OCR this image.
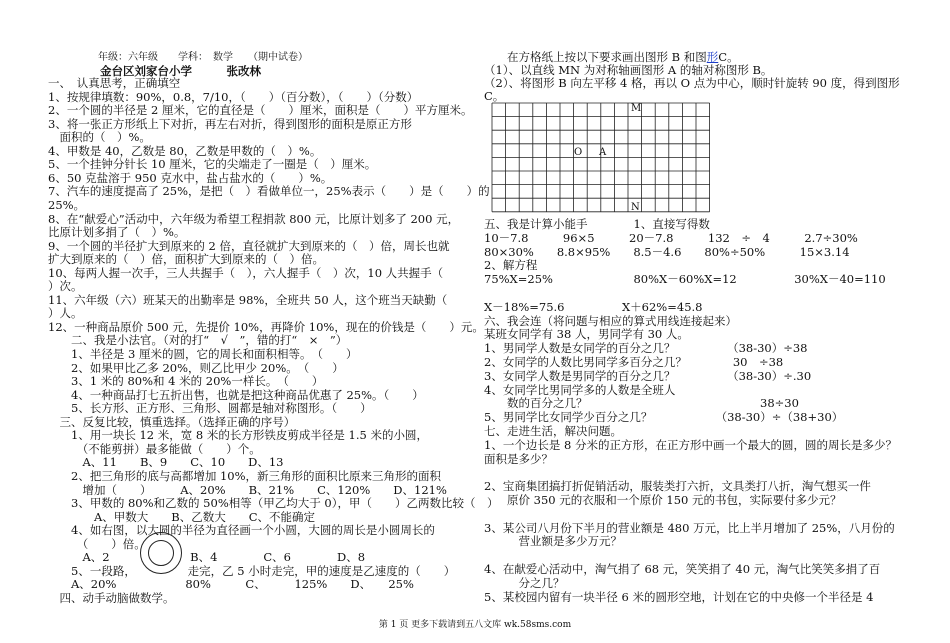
年级：六年级　　学科：　数学　　（期中试卷）
金台区刘家台小学　　　张改林
一、　认真思考，正确填空
1、按规律填数：90%，0.8，7/10，（　　）（百分数），（　　）（分数）
2、一个圆的半径是 2 厘米，它的直径是（　　）厘米，面积是（　　）平方厘米。
3、将一张正方形纸上下对折，再左右对折，得到图形的面积是原正方形
　面积的（　）%。
4、甲数是 40，乙数是 80，乙数是甲数的（　）%。
5、一个挂钟分针长 10 厘米，它的尖端走了一圈是（　）厘米。
6、50 克盐溶于 950 克水中，盐占盐水的（　　）%。
7、汽车的速度提高了 25%，是把（　）看做单位一，25%表示（　　）是（　　）的
25%。
8、在“献爱心”活动中，六年级为希望工程捐款 800 元，比原计划多了 200 元，
比原计划多捐了（　）%。
9、一个圆的半径扩大到原来的 2 倍，直径就扩大到原来的（　）倍，周长也就
扩大到原来的（　）倍，面积扩大到原来的（　）倍。
10、每两人握一次手，三人共握手（　），六人握手（　）次，10 人共握手（
）次。
11、六年级（六）班某天的出勤率是 98%，全班共 50 人，这个班当天缺勤（
）人。
12、一种商品原价 500 元，先提价 10%，再降价 10%，现在的价钱是（　　）元。
　　二、我是小法官。（对的打“　√　”，错的打“　×　”）
　　1、半径是 3 厘米的圆，它的周长和面积相等。　（　　）
　　2、如果甲比乙多 20%，则乙比甲少 20%。　（　　）
　　3、1 米的 80%和 4 米的 20%一样长。　（　　）
　　4、一种商品打七五折出售，也就是把这种商品优惠了 25%。（　　）
　　5、长方形、正方形、三角形、圆都是轴对称图形。（　　）
　三、反复比较，慎重选择。（选择正确的序号）
　　1、用一块长 12 米，宽 8 米的长方形铁皮剪成半径是 1.5 米的小圆，
　　　（不能剪拼）最多能做（　　）个。
　　　A、11　　B、9　　C、10　　D、13
　　2、把三角形的底与高都增加 10%，新三角形的面积比原来三角形的面积
　　　增加（　　）　　　A、20%　　B、21%　　C、120%　　D、121%
　　3、甲数的 80%和乙数的 50%相等（甲乙均大于 0），甲（　　）乙两数比较（　）
　　　　A、甲数大　　B、乙数大　　C、不能确定
　　4、如右图，以大圆的半径为直径画一个小圆，大圆的周长是小圆周长的
　　　（　　）倍。
　　　A、2　　　　　　　B、4　　　　C、6　　　　D、8
　　5、一段路，　　　　　走完，乙 5 小时走完，甲的速度是乙速度的（　　）
　　A、20%　　　　　　80%　　　C、　　　125%　　D、　　25%
　四、动手动脑做数学。
　　在方格纸上按以下要求画出图形 B 和图形C。
（1）、以直线 MN 为对称轴画图形 A 的轴对称图形 B。
（2）、将图形 B 向左平移 4 格，再以 O 点为中心，顺时针旋转 90 度，得到图形
C。
M
O A
N
五、我是计算小能手　　　　1、直接写得数
10－7.8　　　96×5　　　20－7.8　　　132　÷　4　　　2.7÷30%
80×30%　　8.8×95%　　8.5－4.6　　80%÷50%　　　15×3.14
2、解方程
75%X=25%　　　　　　　80%X－60%X=12　　　　　30%X－40=110
X－18%=75.6　　　　　X＋62%=45.8
六、我会连（将问题与相应的算式用线连接起来）
某班女同学有 38 人，男同学有 30 人。
1、男同学人数是女同学的百分之几？　　　　　（38-30）÷38
2、女同学的人数比男同学多百分之几？　　　　30　÷38
3、女同学人数是男同学的百分之几？　　　　　（38-30）÷.30
4、女同学比男同学多的人数是全班人
　　数的百分之几？　　　　　　　　　　　　　　　38÷30
5、男同学比女同学少百分之几？　　　　　　（38-30）÷（38+30）
七、走进生活，解决问题。
1、一个边长是 8 分米的正方形，在正方形中画一个最大的圆，圆的周长是多少？
面积是多少？
2、宝商集团搞打折促销活动，服装类打六折，文具类打八折，淘气想买一件
　　原价 350 元的衣服和一个原价 150 元的书包，实际要付多少元？
3、某公司八月份下半月的营业额是 480 万元，比上半月增加了 25%，八月份的
　　　营业额是多少万元？
4、在献爱心活动中，淘气捐了 68 元，笑笑捐了 40 元，淘气比笑笑多捐了百
　　　分之几？
5、某校园内留有一块半径 6 米的圆形空地，计划在它的中央修一个半径是 4
第 1 页 更多下载请到五八文库 wk.58sms.com
